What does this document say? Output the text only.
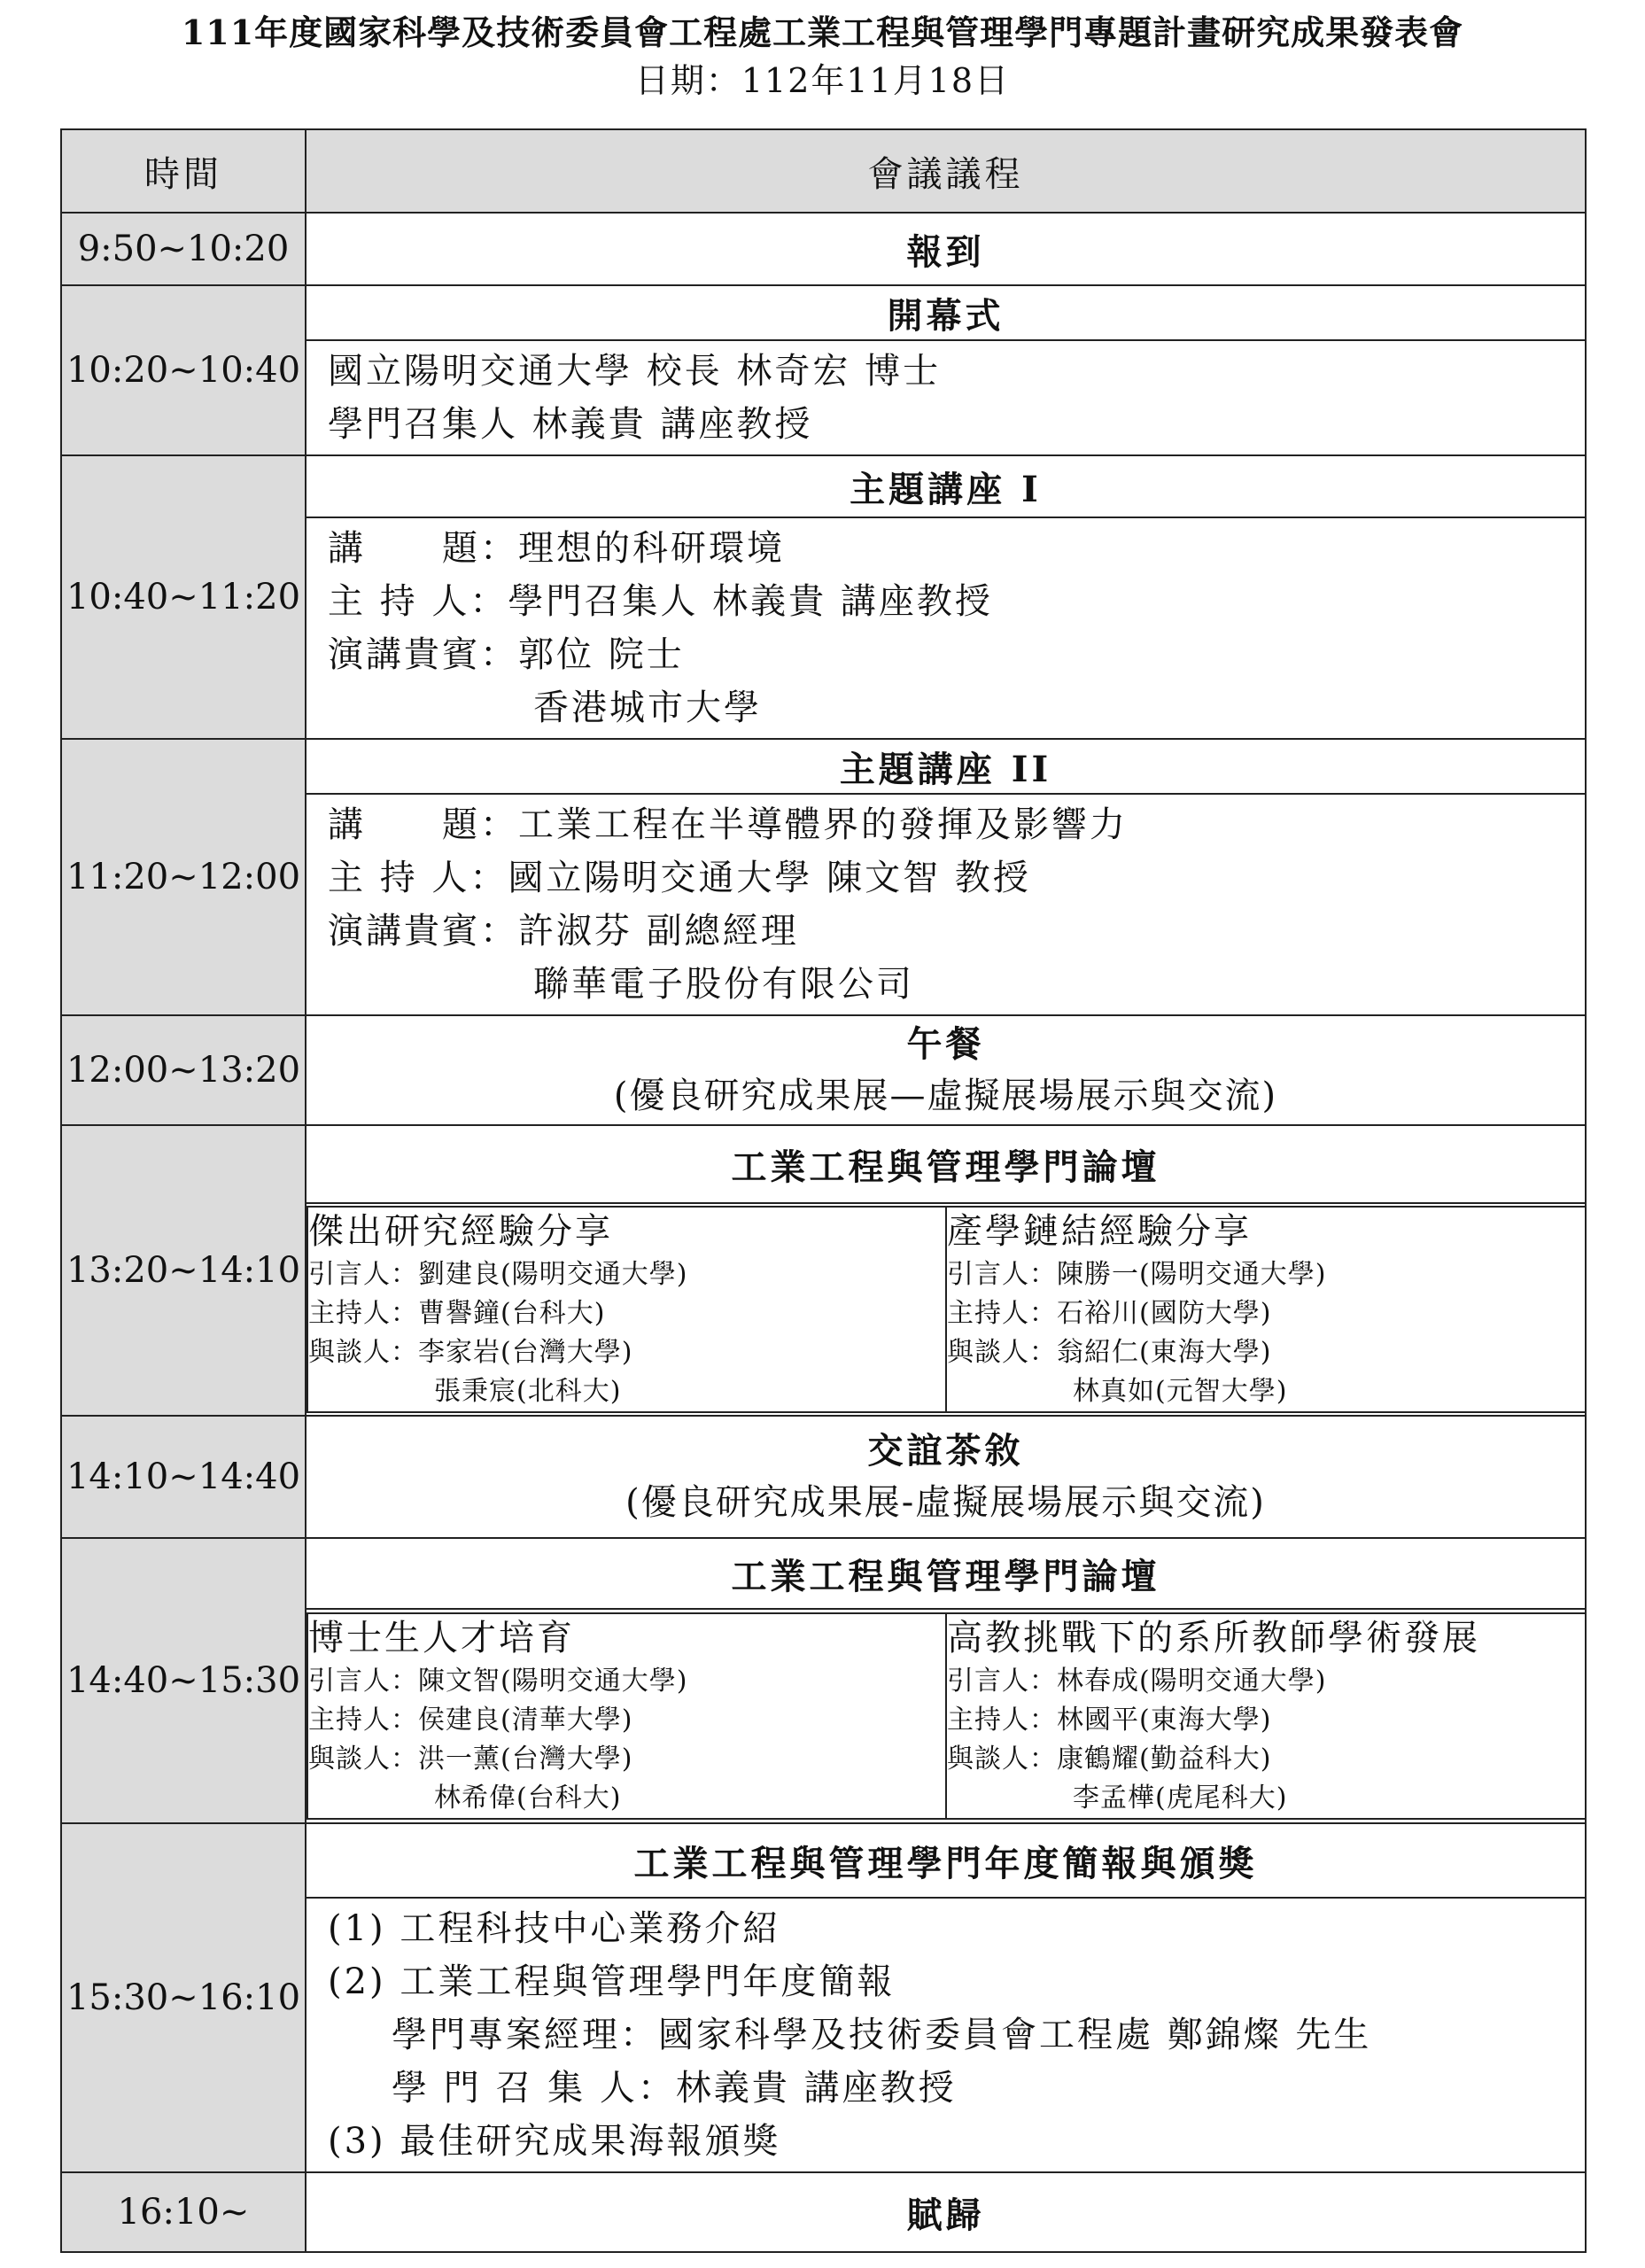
111年度國家科學及技術委員會工程處工業工程與管理學門專題計畫研究成果發表會
日期：112年11月18日
時間	會議議程
9:50~10:20	報到
10:20~10:40	開幕式

國立陽明交通大學 校長 林奇宏 博士
學門召集人 林義貴 講座教授

10:40~11:20	主題講座 I

講　　題：理想的科研環境
主 持 人：學門召集人 林義貴 講座教授
演講貴賓：郭位 院士
香港城市大學

11:20~12:00	主題講座 II

講　　題：工業工程在半導體界的發揮及影響力
主 持 人：國立陽明交通大學 陳文智 教授
演講貴賓：許淑芬 副總經理
聯華電子股份有限公司

12:00~13:20	
午餐
(優良研究成果展—虛擬展場展示與交流)

13:20~14:10	工業工程與管理學門論壇

傑出研究經驗分享
引言人：劉建良(陽明交通大學)
主持人：曹譽鐘(台科大)
與談人：李家岩(台灣大學)
張秉宸(北科大)

產學鏈結經驗分享
引言人：陳勝一(陽明交通大學)
主持人：石裕川(國防大學)
與談人：翁紹仁(東海大學)
林真如(元智大學)

14:10~14:40	
交誼茶敘
(優良研究成果展-虛擬展場展示與交流)

14:40~15:30	工業工程與管理學門論壇

博士生人才培育
引言人：陳文智(陽明交通大學)
主持人：侯建良(清華大學)
與談人：洪一薰(台灣大學)
林希偉(台科大)

高教挑戰下的系所教師學術發展
引言人：林春成(陽明交通大學)
主持人：林國平(東海大學)
與談人：康鶴耀(勤益科大)
李孟樺(虎尾科大)

15:30~16:10	工業工程與管理學門年度簡報與頒獎

(1) 工程科技中心業務介紹
(2) 工業工程與管理學門年度簡報
學門專案經理：國家科學及技術委員會工程處 鄭錦燦 先生
學 門 召 集 人：林義貴 講座教授
(3) 最佳研究成果海報頒獎

16:10~	賦歸
